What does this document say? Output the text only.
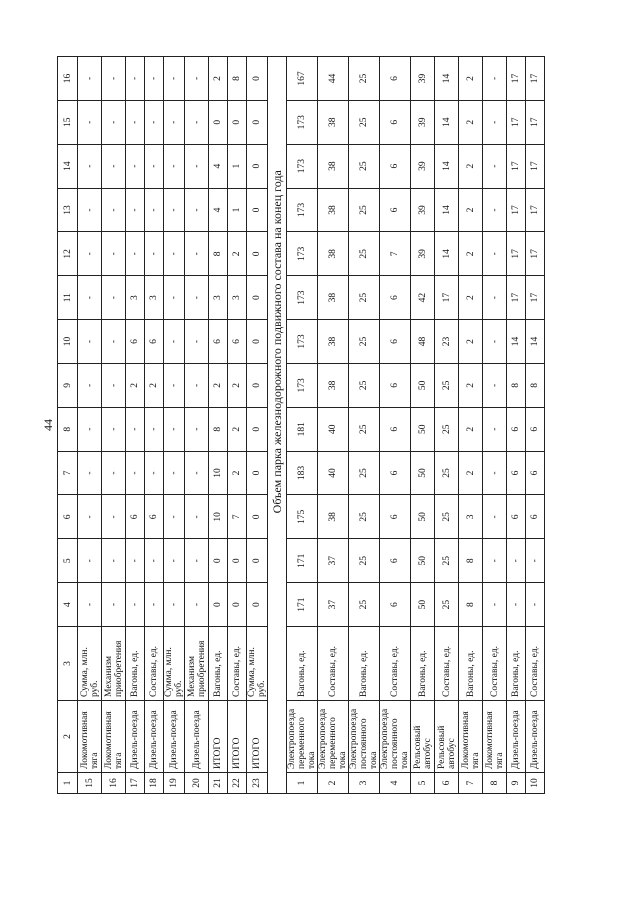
44
1	2	3	4	5	6	7	8	9	10	11	12	13	14	15	16
15	Локомотивная тяга	Сумма, млн. руб.	-	-	-	-	-	-	-	-	-	-	-	-	-
16	Локомотивная тяга	Механизм приобретения	-	-	-	-	-	-	-	-	-	-	-	-	-
17	Дизель-поезда	Вагоны, ед.	-	-	6	-	-	2	6	3	-	-	-	-	-
18	Дизель-поезда	Составы, ед.	-	-	6	-	-	2	6	3	-	-	-	-	-
19	Дизель-поезда	Сумма, млн. руб.	-	-	-	-	-	-	-	-	-	-	-	-	-
20	Дизель-поезда	Механизм приобретения	-	-	-	-	-	-	-	-	-	-	-	-	-
21	ИТОГО	Вагоны, ед.	0	0	10	10	8	2	6	3	8	4	4	0	2
22	ИТОГО	Составы, ед.	0	0	7	2	2	2	6	3	2	1	1	0	8
23	ИТОГО	Сумма, млн. руб.	0	0	0	0	0	0	0	0	0	0	0	0	0
			Объем парка железнодорожного подвижного состава на конец года												
1	Электропоезда переменного тока	Вагоны, ед.	171	171	175	183	181	173	173	173	173	173	173	173	167
2	Электропоезда переменного тока	Составы, ед.	37	37	38	40	40	38	38	38	38	38	38	38	44
3	Электропоезда постоянного тока	Вагоны, ед.	25	25	25	25	25	25	25	25	25	25	25	25	25
4	Электропоезда постоянного тока	Составы, ед.	6	6	6	6	6	6	6	6	7	6	6	6	6
5	Рельсовый автобус	Вагоны, ед.	50	50	50	50	50	50	48	42	39	39	39	39	39
6	Рельсовый автобус	Составы, ед.	25	25	25	25	25	25	23	17	14	14	14	14	14
7	Локомотивная тяга	Вагоны, ед.	8	8	3	2	2	2	2	2	2	2	2	2	2
8	Локомотивная тяга	Составы, ед.	-	-	-	-	-	-	-	-	-	-	-	-	-
9	Дизель-поезда	Вагоны, ед.	-	-	6	6	6	8	14	17	17	17	17	17	17
10	Дизель-поезда	Составы, ед.	-	-	6	6	6	8	14	17	17	17	17	17	17
